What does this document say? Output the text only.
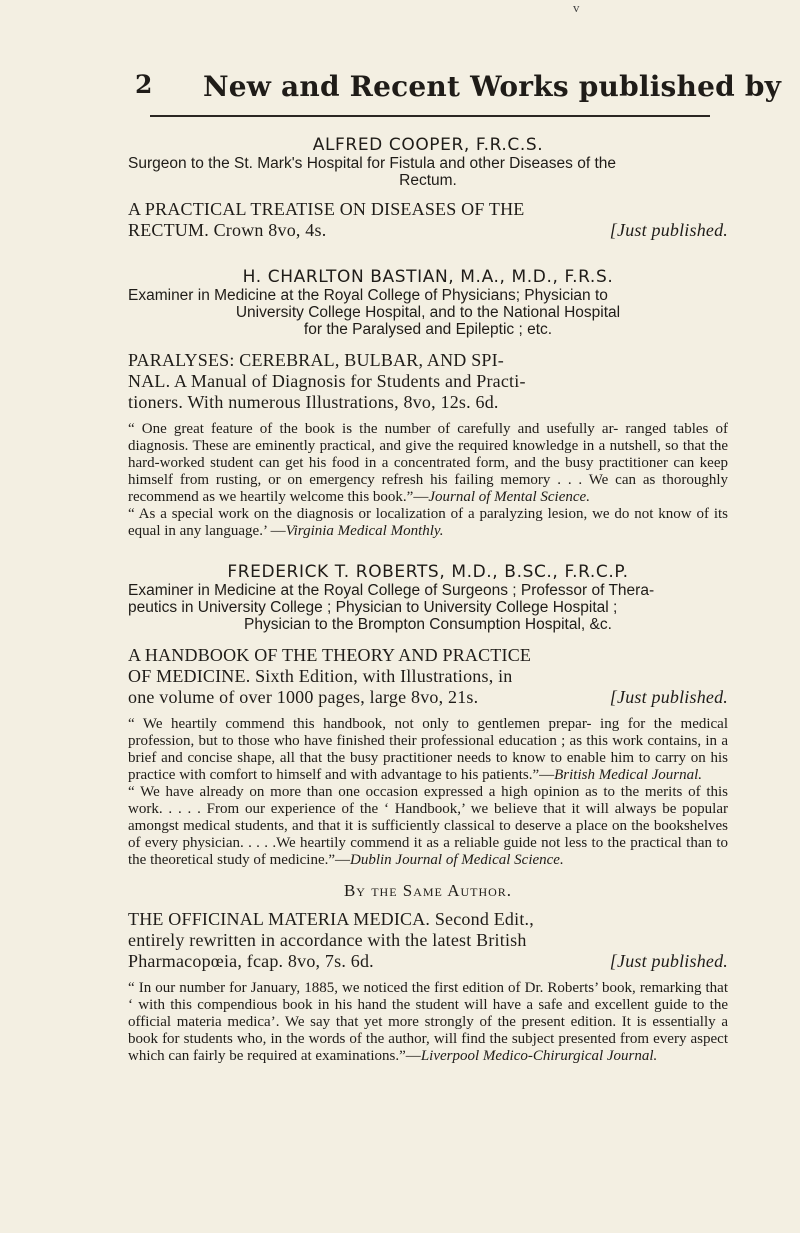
v
2 New and Recent Works published by

ALFRED COOPER, F.R.C.S.

Surgeon to the St. Mark's Hospital for Fistula and other Diseases of the

Rectum.

A PRACTICAL TREATISE ON DISEASES OF THE
RECTUM. Crown 8vo, 4s.	[Just published.

H. CHARLTON BASTIAN, M.A., M.D., F.R.S.

Examiner in Medicine at the Royal College of Physicians; Physician to

University College Hospital, and to the National Hospital

for the Paralysed and Epileptic ; etc.

PARALYSES: CEREBRAL, BULBAR, AND SPI-
NAL. A Manual of Diagnosis for Students and Practi-
tioners. With numerous Illustrations, 8vo, 12s. 6d.

“ One great feature of the book is the number of carefully and usefully ar- ranged tables of diagnosis. These are eminently practical, and give the required knowledge in a nutshell, so that the hard-worked student can get his food in a concentrated form, and the busy practitioner can keep himself from rusting, or on emergency refresh his failing memory . . . We can as thoroughly recommend as we heartily welcome this book.”—Journal of Mental Science.
“ As a special work on the diagnosis or localization of a paralyzing lesion, we do not know of its equal in any language.’ —Virginia Medical Monthly.

FREDERICK T. ROBERTS, M.D., B.SC., F.R.C.P.

Examiner in Medicine at the Royal College of Surgeons ; Professor of Thera-

peutics in University College ; Physician to University College Hospital ;

Physician to the Brompton Consumption Hospital, &c.

A HANDBOOK OF THE THEORY AND PRACTICE
OF MEDICINE. Sixth Edition, with Illustrations, in
one volume of over 1000 pages, large 8vo, 21s.	[Just published.

“ We heartily commend this handbook, not only to gentlemen prepar- ing for the medical profession, but to those who have finished their professional education ; as this work contains, in a brief and concise shape, all that the busy practitioner needs to know to enable him to carry on his practice with comfort to himself and with advantage to his patients.”—British Medical Journal.
“ We have already on more than one occasion expressed a high opinion as to the merits of this work. . . . . From our experience of the ‘ Handbook,’ we believe that it will always be popular amongst medical students, and that it is sufficiently classical to deserve a place on the bookshelves of every physician. . . . .We heartily commend it as a reliable guide not less to the practical than to the theoretical study of medicine.”—Dublin Journal of Medical Science.

By the Same Author.

THE OFFICINAL MATERIA MEDICA. Second Edit.,
entirely rewritten in accordance with the latest British
Pharmacopœia, fcap. 8vo, 7s. 6d.	[Just published.

“ In our number for January, 1885, we noticed the first edition of Dr. Roberts’ book, remarking that ‘ with this compendious book in his hand the student will have a safe and excellent guide to the official materia medica’. We say that yet more strongly of the present edition. It is essentially a book for students who, in the words of the author, will find the subject presented from every aspect which can fairly be required at examinations.”—Liverpool Medico-Chirurgical Journal.
